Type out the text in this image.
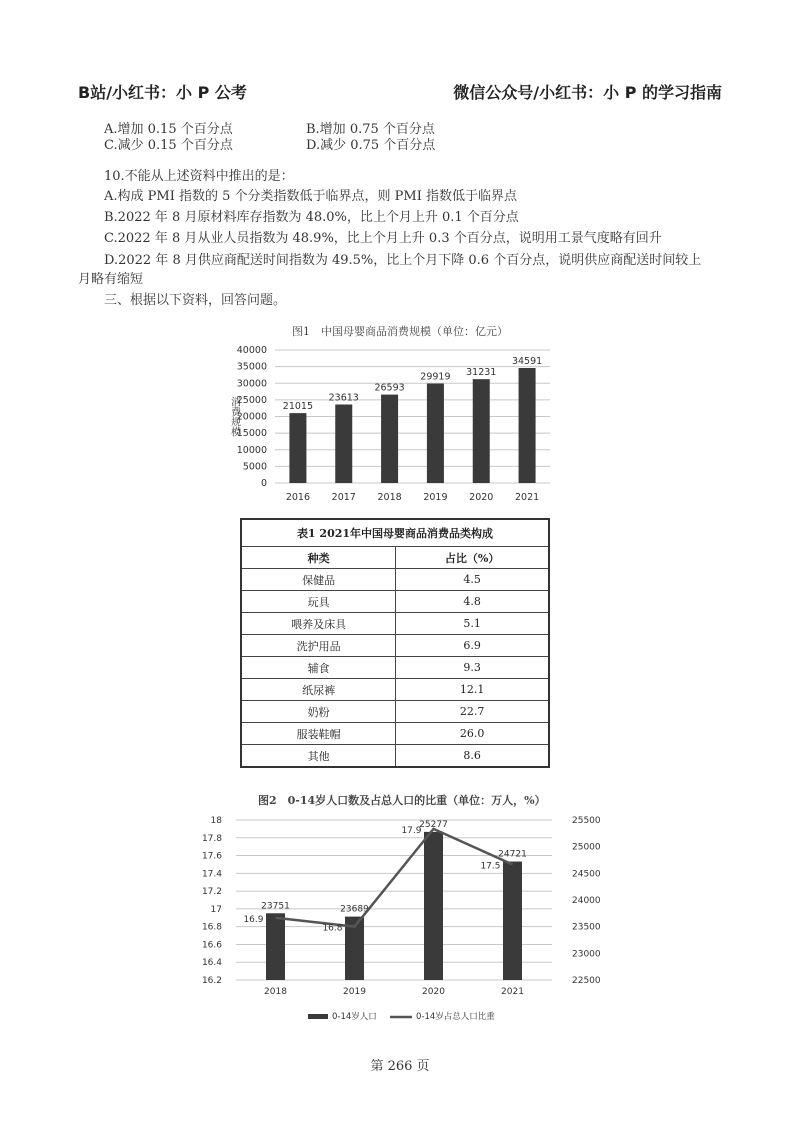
B站/小红书：小 P 公考	微信公众号/小红书：小 P 的学习指南
A.增加 0.15 个百分点	B.增加 0.75 个百分点
C.减少 0.15 个百分点	D.减少 0.75 个百分点
10.不能从上述资料中推出的是：
A.构成 PMI 指数的 5 个分类指数低于临界点，则 PMI 指数低于临界点
B.2022 年 8 月原材料库存指数为 48.0%，比上个月上升 0.1 个百分点
C.2022 年 8 月从业人员指数为 48.9%，比上个月上升 0.3 个百分点，说明用工景气度略有回升
D.2022 年 8 月供应商配送时间指数为 49.5%，比上个月下降 0.6 个百分点，说明供应商配送时间较上
月略有缩短
三、根据以下资料，回答问题。
图1　中国母婴商品消费规模（单位：亿元）
0
5000
10000
15000
20000
25000
30000
35000
40000
消费规模	21015
2016
23613
2017
26593
2018
29919
2019
31231
2020
34591
2021
表1 2021年中国母婴商品消费品类构成	
种类	占比（%）
保健品	4.5
玩具	4.8
喂养及床具	5.1
洗护用品	6.9
辅食	9.3
纸尿裤	12.1
奶粉	22.7
服装鞋帽	26.0
其他	8.6
图2　0-14岁人口数及占总人口的比重（单位：万人，%）
16.2
16.4
16.6
16.8
17
17.2
17.4
17.6
17.8
18
22500
23000
23500
24000
24500
25000
25500
23751
2018
23689
2019
25277
2020
24721
2021
16.9
16.8
17.9
17.5
0-14岁人口	0-14岁占总人口比重
第 266 页
